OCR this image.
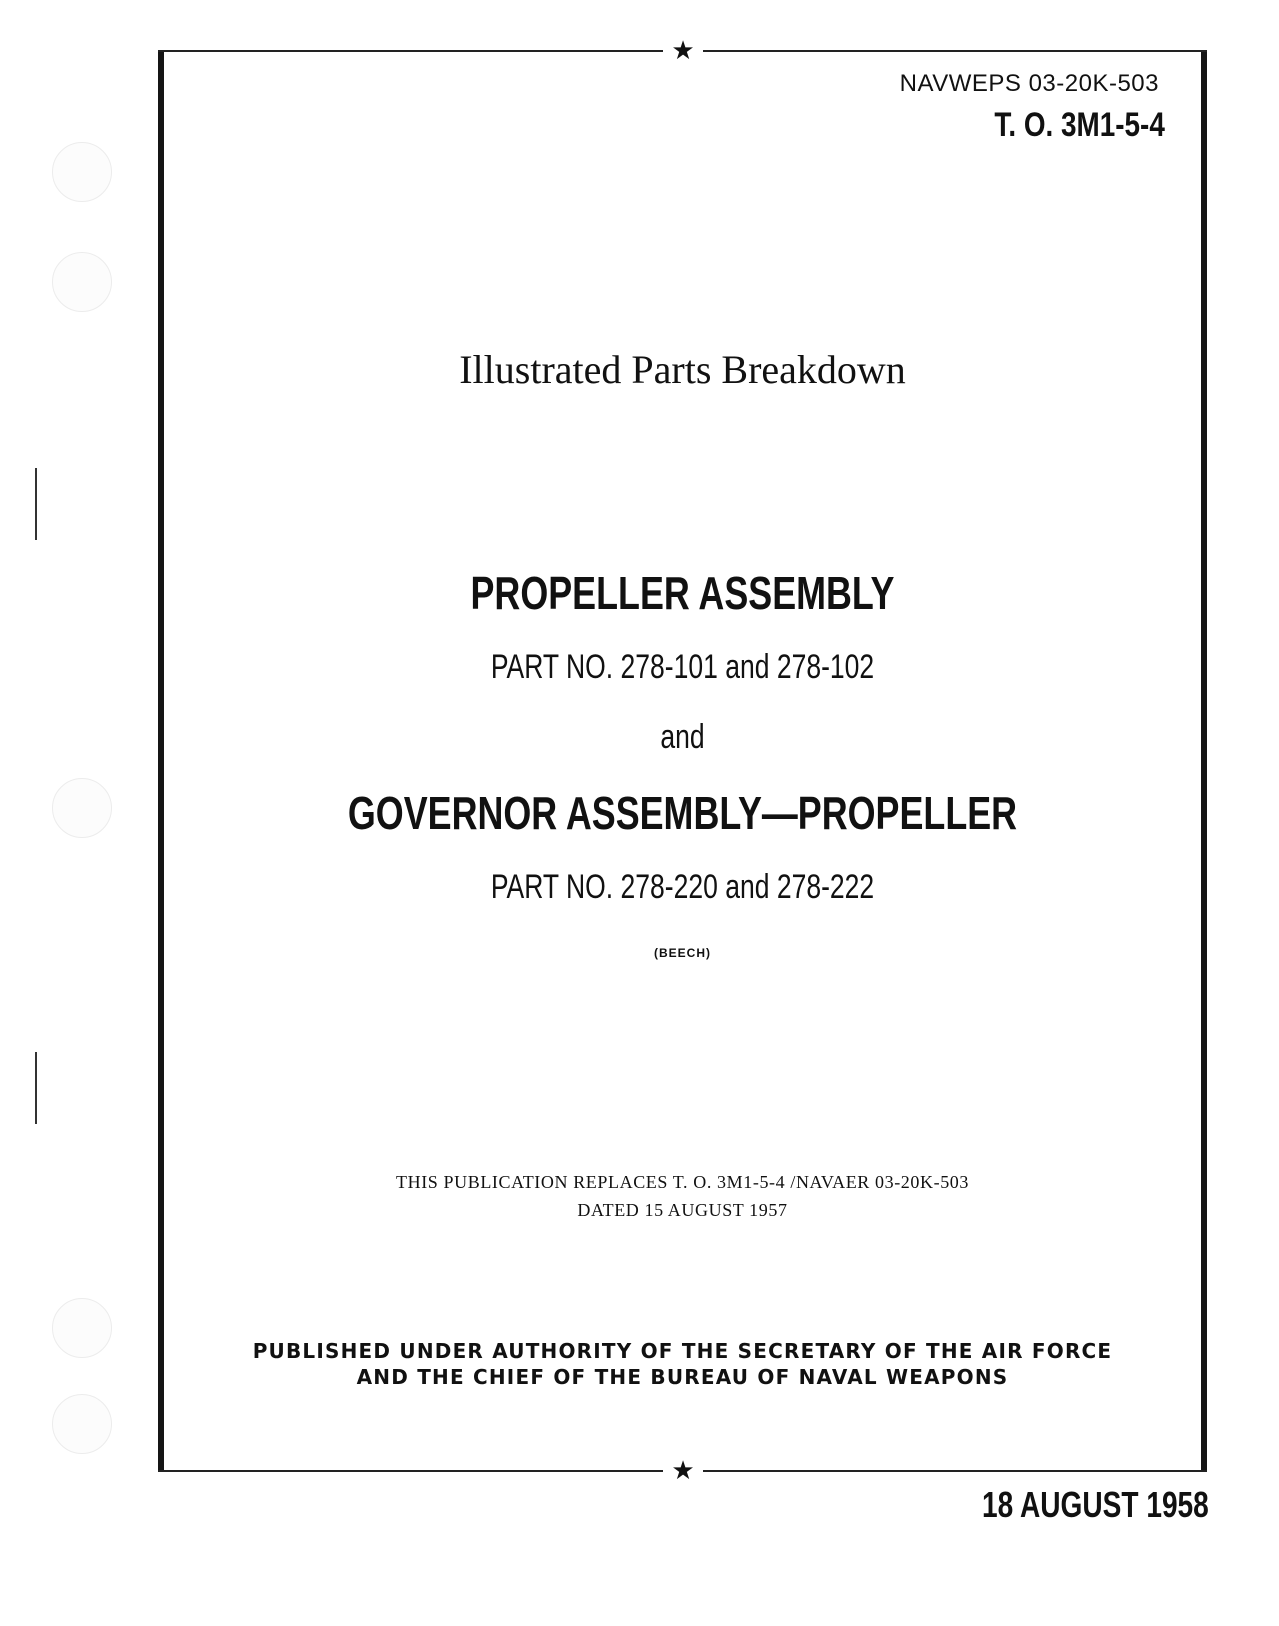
★
★
NAVWEPS 03-20K-503
T. O. 3M1-5-4
Illustrated Parts Breakdown
PROPELLER ASSEMBLY
PART NO. 278-101 and 278-102
and
GOVERNOR ASSEMBLY—PROPELLER
PART NO. 278-220 and 278-222
(BEECH)
THIS PUBLICATION REPLACES T. O. 3M1-5-4 /NAVAER 03-20K-503
DATED 15 AUGUST 1957
PUBLISHED UNDER AUTHORITY OF THE SECRETARY OF THE AIR FORCE
AND THE CHIEF OF THE BUREAU OF NAVAL WEAPONS
18 AUGUST 1958
